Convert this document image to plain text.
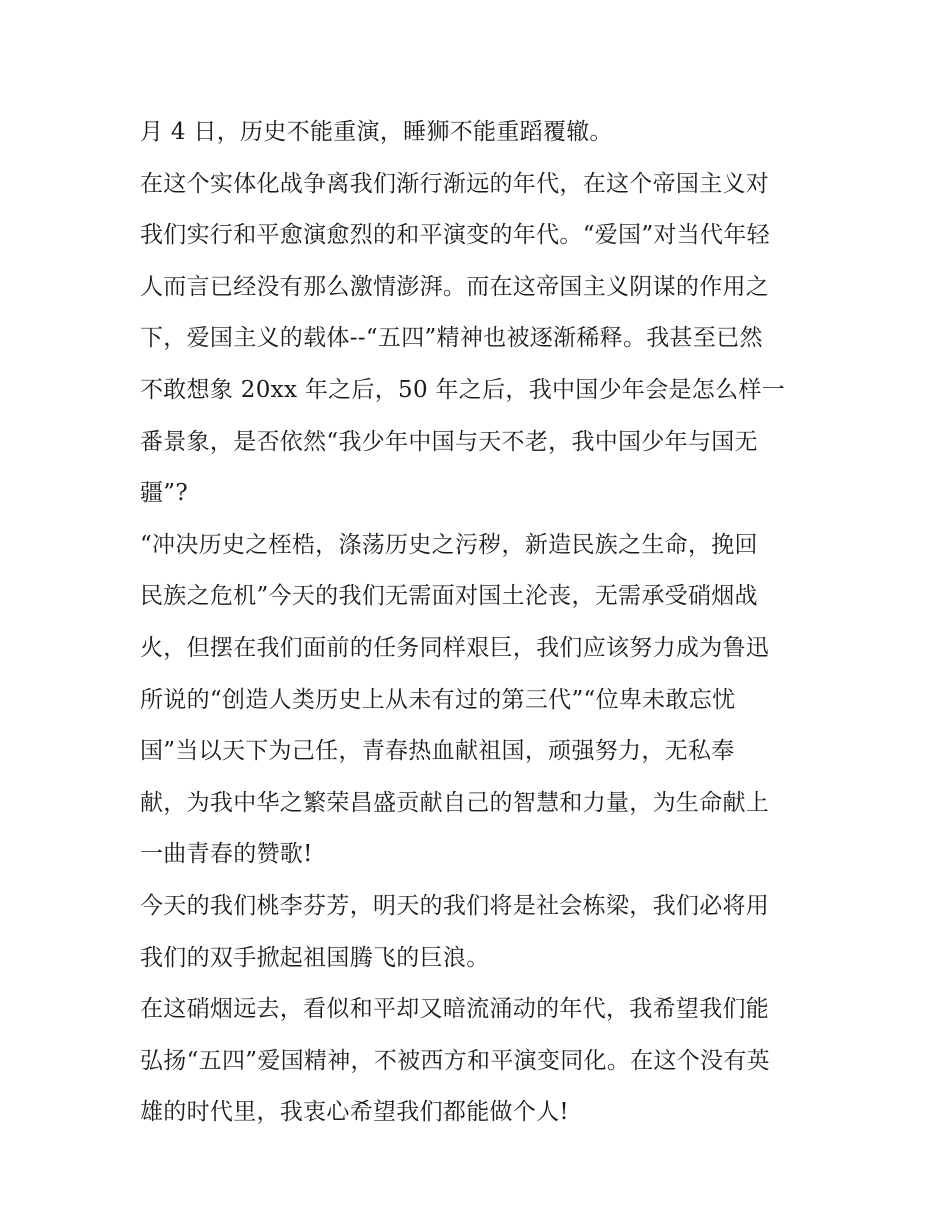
月 4 日，历史不能重演，睡狮不能重蹈覆辙。
在这个实体化战争离我们渐行渐远的年代，在这个帝国主义对
我们实行和平愈演愈烈的和平演变的年代。“爱国”对当代年轻
人而言已经没有那么激情澎湃。而在这帝国主义阴谋的作用之
下，爱国主义的载体--“五四”精神也被逐渐稀释。我甚至已然
不敢想象 20xx 年之后，50 年之后，我中国少年会是怎么样一
番景象，是否依然“我少年中国与天不老，我中国少年与国无
疆”?
“冲决历史之桎梏，涤荡历史之污秽，新造民族之生命，挽回
民族之危机”今天的我们无需面对国土沦丧，无需承受硝烟战
火，但摆在我们面前的任务同样艰巨，我们应该努力成为鲁迅
所说的“创造人类历史上从未有过的第三代”“位卑未敢忘忧
国”当以天下为己任，青春热血献祖国，顽强努力，无私奉
献，为我中华之繁荣昌盛贡献自己的智慧和力量，为生命献上
一曲青春的赞歌!
今天的我们桃李芬芳，明天的我们将是社会栋梁，我们必将用
我们的双手掀起祖国腾飞的巨浪。
在这硝烟远去，看似和平却又暗流涌动的年代，我希望我们能
弘扬“五四”爱国精神，不被西方和平演变同化。在这个没有英
雄的时代里，我衷心希望我们都能做个人!
